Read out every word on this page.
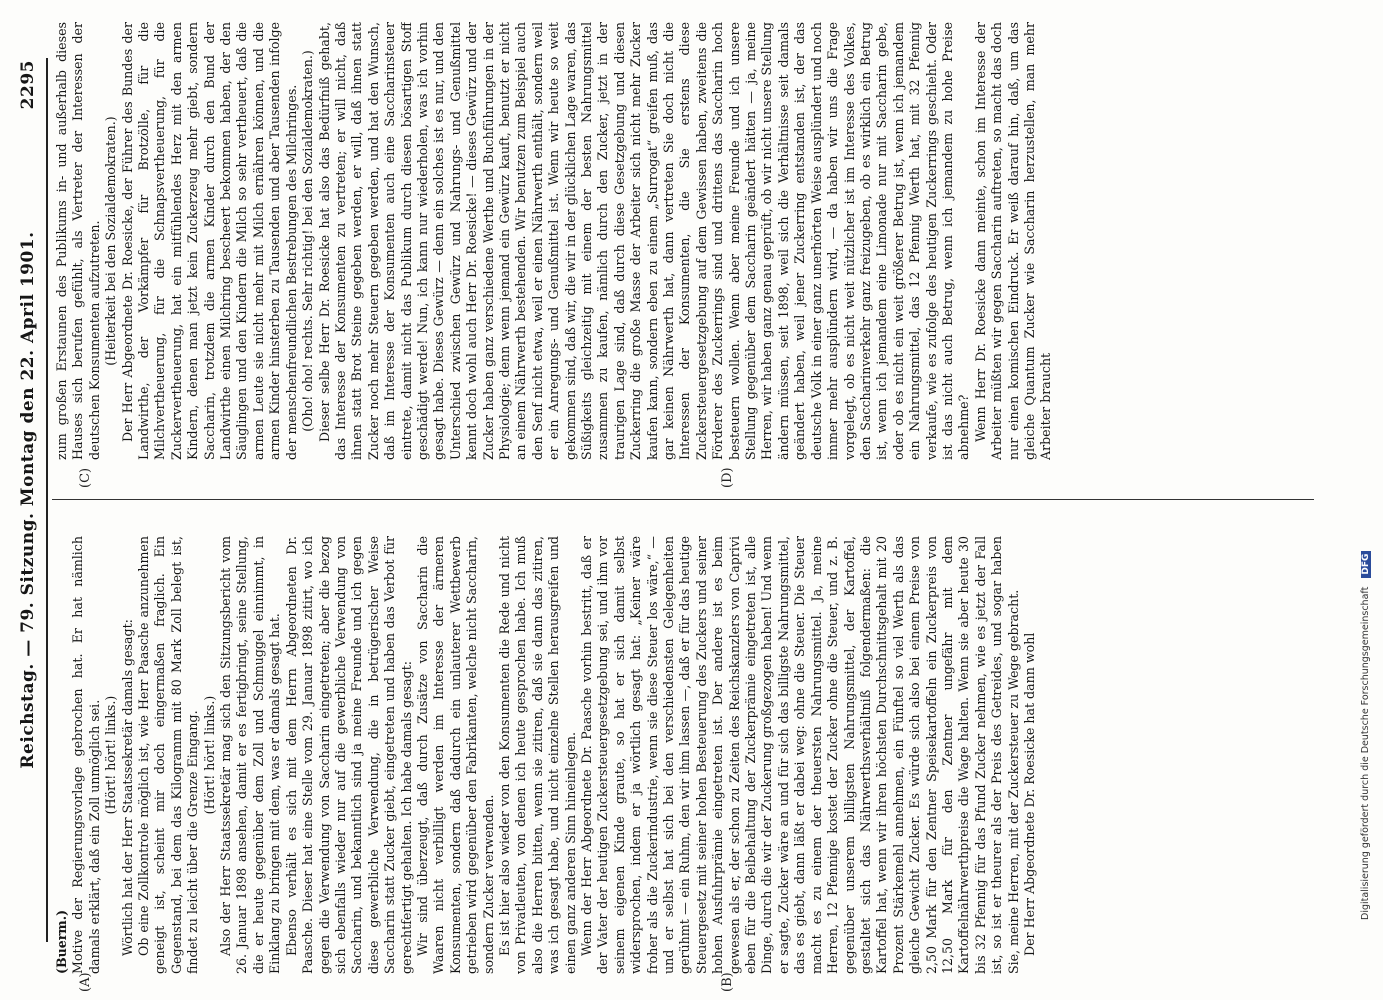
Reichstag. — 79. Sitzung. Montag den 22. April 1901.
2295
(A)	(B)
(C)	(D)

(Buerm.) Motive der Regierungsvorlage gebrochen hat. Er hat nämlich damals erklärt, daß ein Zoll unmöglich sei. (Hört! hört! links.) Wörtlich hat der Herr Staatssekretär damals gesagt: Ob eine Zollkontrole möglich ist, wie Herr Paasche anzunehmen geneigt ist, scheint mir doch eingermaßen fraglich. Ein Gegenstand, bei dem das Kilogramm mit 80 Mark Zoll belegt ist, findet zu leicht über die Grenze Eingang. (Hört! hört! links.) Also der Herr Staatssekretär mag sich den Sitzungsbericht vom 26. Januar 1898 ansehen, damit er es fertigbringt, seine Stellung, die er heute gegenüber dem Zoll und Schmuggel einnimmt, in Einklang zu bringen mit dem, was er damals gesagt hat. Ebenso verhält es sich mit dem Herrn Abgeordneten Dr. Paasche. Dieser hat eine Stelle vom 29. Januar 1898 zitirt, wo ich gegen die Verwendung von Saccharin eingetreten; aber die bezog sich ebenfalls wieder nur auf die gewerbliche Verwendung von Saccharin, und bekanntlich sind ja meine Freunde und ich gegen diese gewerbliche Verwendung, die in betrügerischer Weise Saccharin statt Zucker giebt, eingetreten und haben das Verbot für gerechtfertigt gehalten. Ich habe damals gesagt: Wir sind überzeugt, daß durch Zusätze von Saccharin die Waaren nicht verbilligt werden im Interesse der ärmeren Konsumenten, sondern daß dadurch ein unlauterer Wettbewerb getrieben wird gegenüber den Fabrikanten, welche nicht Saccharin, sondern Zucker verwenden. Es ist hier also wieder von den Konsumenten die Rede und nicht von Privatleuten, von denen ich heute gesprochen habe. Ich muß also die Herren bitten, wenn sie zitiren, daß sie dann das zitiren, was ich gesagt habe, und nicht einzelne Stellen herausgreifen und einen ganz anderen Sinn hineinlegen. Wenn der Herr Abgeordnete Dr. Paasche vorhin bestritt, daß er der Vater der heutigen Zuckersteuergesetzgebung sei, und ihm vor seinem eigenen Kinde graute, so hat er sich damit selbst widersprochen, indem er ja wörtlich gesagt hat: „Keiner wäre froher als die Zuckerindustrie, wenn sie diese Steuer los wäre,“ — und er selbst hat sich bei den verschiedensten Gelegenheiten gerühmt — ein Ruhm, den wir ihm lassen —, daß er für das heutige Steuergesetz mit seiner hohen Besteuerung des Zuckers und seiner hohen Ausfuhrprämie eingetreten ist. Der andere ist es beim gewesen als er, der schon zu Zeiten des Reichskanzlers von Caprivi eben für die Beibehaltung der Zuckerprämie eingetreten ist, alle Dinge, durch die wir der Zuckerung großgezogen haben! Und wenn er sagte, Zucker wäre an und für sich das billigste Nahrungsmittel, das es giebt, dann läßt er dabei weg: ohne die Steuer. Die Steuer macht es zu einem der theuersten Nahrungsmittel. Ja, meine Herren, 12 Pfennige kostet der Zucker ohne die Steuer, und z. B. gegenüber unserem billigsten Nahrungsmittel, der Kartoffel, gestaltet sich das Nährwerthsverhältniß folgendermaßen: die Kartoffel hat, wenn wir ihren höchsten Durchschnittsgehalt mit 20 Prozent Stärkemehl annehmen, ein Fünftel so viel Werth als das gleiche Gewicht Zucker. Es würde sich also bei einem Preise von 2,50 Mark für den Zentner Speisekartoffeln ein Zuckerpreis von 12,50 Mark für den Zentner ungefähr mit dem Kartoffelnährwerthpreise die Wage halten. Wenn sie aber heute 30 bis 32 Pfennig für das Pfund Zucker nehmen, wie es jetzt der Fall ist, so ist er theurer als der Preis des Getreides, und sogar haben Sie, meine Herren, mit der Zuckersteuer zu Wege gebracht. Der Herr Abgeordnete Dr. Roesicke hat dann wohl

zum großen Erstaunen des Publikums in- und außerhalb dieses Hauses sich berufen gefühlt, als Vertreter der Interessen der deutschen Konsumenten aufzutreten. (Heiterkeit bei den Sozialdemokraten.) Der Herr Abgeordnete Dr. Roesicke, der Führer des Bundes der Landwirthe, der Vorkämpfer für Brotzölle, für die Milchvertheuerung, für die Schnapsvertheuerung, für die Zuckervertheuerung, hat ein mitfühlendes Herz mit den armen Kindern, denen man jetzt kein Zuckerzeug mehr giebt, sondern Saccharin, trotzdem die armen Kinder durch den Bund der Landwirthe einen Milchring bescheert bekommen haben, der den Säuglingen und den Kindern die Milch so sehr vertheuert, daß die armen Leute sie nicht mehr mit Milch ernähren können, und die armen Kinder hinsterben zu Tausenden und aber Tausenden infolge der menschenfreundlichen Bestrebungen des Milchringes. (Oho! oho! rechts. Sehr richtig! bei den Sozialdemokraten.) Dieser selbe Herr Dr. Roesicke hat also das Bedürfniß gehabt, das Interesse der Konsumenten zu vertreten; er will nicht, daß ihnen statt Brot Steine gegeben werden, er will, daß ihnen statt Zucker noch mehr Steuern gegeben werden, und hat den Wunsch, daß im Interesse der Konsumenten auch eine Saccharinsteuer eintrete, damit nicht das Publikum durch diesen bösartigen Stoff geschädigt werde! Nun, ich kann nur wiederholen, was ich vorhin gesagt habe. Dieses Gewürz — denn ein solches ist es nur, und den Unterschied zwischen Gewürz und Nahrungs- und Genußmittel kennt doch wohl auch Herr Dr. Roesicke! — dieses Gewürz und der Zucker haben ganz verschiedene Werthe und Buchführungen in der Physiologie; denn wenn jemand ein Gewürz kauft, benutzt er nicht an einem Nährwerth bestehenden. Wir benutzen zum Beispiel auch den Senf nicht etwa, weil er einen Nährwerth enthält, sondern weil er ein Anregungs- und Genußmittel ist. Wenn wir heute so weit gekommen sind, daß wir, die wir in der glücklichen Lage waren, das Süßigkeits gleichzeitig mit einem der besten Nahrungsmittel zusammen zu kaufen, nämlich durch den Zucker, jetzt in der traurigen Lage sind, daß durch diese Gesetzgebung und diesen Zuckerring die große Masse der Arbeiter sich nicht mehr Zucker kaufen kann, sondern eben zu einem „Surrogat“ greifen muß, das gar keinen Nährwerth hat, dann vertreten Sie doch nicht die Interessen der Konsumenten, die Sie erstens diese Zuckersteuergesetzgebung auf dem Gewissen haben, zweitens die Förderer des Zuckerrings sind und drittens das Saccharin hoch besteuern wollen. Wenn aber meine Freunde und ich unsere Stellung gegenüber dem Saccharin geändert hätten — ja, meine Herren, wir haben ganz genau geprüft, ob wir nicht unsere Stellung ändern müssen, seit 1898, weil sich die Verhältnisse seit damals geändert haben, weil jener Zuckerring entstanden ist, der das deutsche Volk in einer ganz unerhörten Weise ausplündert und noch immer mehr ausplündern wird, — da haben wir uns die Frage vorgelegt, ob es nicht weit nützlicher ist im Interesse des Volkes, den Saccharinverkehr ganz freizugeben, ob es wirklich ein Betrug ist, wenn ich jemandem eine Limonade nur mit Saccharin gebe, oder ob es nicht ein weit größerer Betrug ist, wenn ich jemandem ein Nahrungsmittel, das 12 Pfennig Werth hat, mit 32 Pfennig verkaufe, wie es zufolge des heutigen Zuckerrings geschieht. Oder ist das nicht auch Betrug, wenn ich jemandem zu hohe Preise abnehme? Wenn Herr Dr. Roesicke dann meinte, schon im Interesse der Arbeiter müßten wir gegen Saccharin auftreten, so macht das doch nur einen komischen Eindruck. Er weiß darauf hin, daß, um das gleiche Quantum Zucker wie Saccharin herzustellen, man mehr Arbeiter braucht

Digitalisierung gefördert durch die Deutsche Forschungsgemeinschaft DFG
